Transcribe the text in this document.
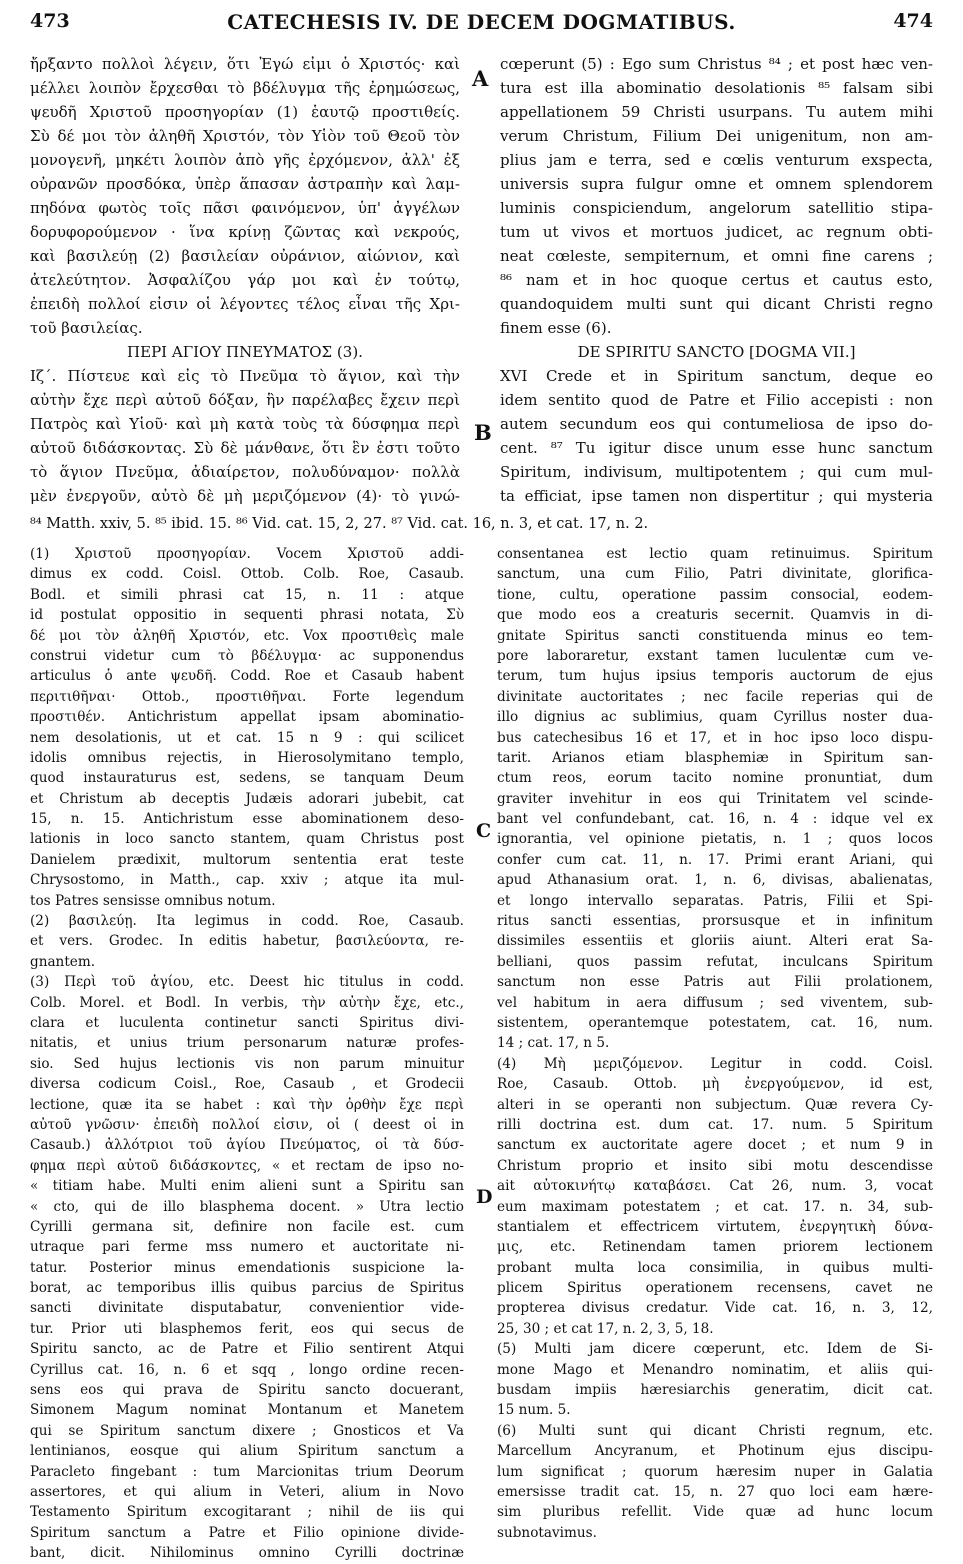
473	CATECHESIS IV. DE DECEM DOGMATIBUS.	474
ἤρξαντο πολλοὶ λέγειν, ὅτι Ἐγώ εἰμι ὁ Χριστός· καὶ
μέλλει λοιπὸν ἔρχεσθαι τὸ βδέλυγμα τῆς ἐρημώσεως,
ψευδῆ Χριστοῦ προσηγορίαν (1) ἑαυτῷ προστιθείς.
Σὺ δέ μοι τὸν ἀληθῆ Χριστόν, τὸν Υἱὸν τοῦ Θεοῦ τὸν
μονογενῆ, μηκέτι λοιπὸν ἀπὸ γῆς ἐρχόμενον, ἀλλ' ἐξ
οὐρανῶν προσδόκα, ὑπὲρ ἅπασαν ἀστραπὴν καὶ λαμ-
πηδόνα φωτὸς τοῖς πᾶσι φαινόμενον, ὑπ' ἀγγέλων
δορυφορούμενον · ἵνα κρίνῃ ζῶντας καὶ νεκρούς,
καὶ βασιλεύῃ (2) βασιλείαν οὐράνιον, αἰώνιον, καὶ
ἀτελεύτητον. Ἀσφαλίζου γάρ μοι καὶ ἐν τούτῳ,
ἐπειδὴ πολλοί εἰσιν οἱ λέγοντες τέλος εἶναι τῆς Χρι-
τοῦ βασιλείας.
ΠΕΡΙ ΑΓΙΟΥ ΠΝΕΥΜΑΤΟΣ (3).
Ιζ΄. Πίστευε καὶ εἰς τὸ Πνεῦμα τὸ ἅγιον, καὶ τὴν
αὐτὴν ἔχε περὶ αὐτοῦ δόξαν, ἣν παρέλαβες ἔχειν περὶ
Πατρὸς καὶ Υἱοῦ· καὶ μὴ κατὰ τοὺς τὰ δύσφημα περὶ
αὐτοῦ διδάσκοντας. Σὺ δὲ μάνθανε, ὅτι ἓν ἐστι τοῦτο
τὸ ἅγιον Πνεῦμα, ἀδιαίρετον, πολυδύναμον· πολλὰ
μὲν ἐνεργοῦν, αὐτὸ δὲ μὴ μεριζόμενον (4)· τὸ γινώ-
A
B
cœperunt (5) : Ego sum Christus ⁸⁴ ; et post hæc ven-
tura est illa abominatio desolationis ⁸⁵ falsam sibi
appellationem 59 Christi usurpans. Tu autem mihi
verum Christum, Filium Dei unigenitum, non am-
plius jam e terra, sed e cœlis venturum exspecta,
universis supra fulgur omne et omnem splendorem
luminis conspiciendum, angelorum satellitio stipa-
tum ut vivos et mortuos judicet, ac regnum obti-
neat cœleste, sempiternum, et omni fine carens ;
⁸⁶ nam et in hoc quoque certus et cautus esto,
quandoquidem multi sunt qui dicant Christi regno
finem esse (6).
DE SPIRITU SANCTO [DOGMA VII.]
XVI Crede et in Spiritum sanctum, deque eo
idem sentito quod de Patre et Filio accepisti : non
autem secundum eos qui contumeliosa de ipso do-
cent. ⁸⁷ Tu igitur disce unum esse hunc sanctum
Spiritum, indivisum, multipotentem ; qui cum mul-
ta efficiat, ipse tamen non dispertitur ; qui mysteria
⁸⁴ Matth. xxiv, 5. ⁸⁵ ibid. 15. ⁸⁶ Vid. cat. 15, 2, 27. ⁸⁷ Vid. cat. 16, n. 3, et cat. 17, n. 2.
(1) Χριστοῦ προσηγορίαν. Vocem Χριστοῦ addi-
dimus ex codd. Coisl. Ottob. Colb. Roe, Casaub.
Bodl. et simili phrasi cat 15, n. 11 : atque
id postulat oppositio in sequenti phrasi notata, Σὺ
δέ μοι τὸν ἀληθῆ Χριστόν, etc. Vox προστιθεὶς male
construi videtur cum τὸ βδέλυγμα· ac supponendus
articulus ὁ ante ψευδῆ. Codd. Roe et Casaub habent
περιτιθῆναι· Ottob., προστιθῆναι. Forte legendum
προστιθέν. Antichristum appellat ipsam abominatio-
nem desolationis, ut et cat. 15 n 9 : qui scilicet
idolis omnibus rejectis, in Hierosolymitano templo,
quod instauraturus est, sedens, se tanquam Deum
et Christum ab deceptis Judæis adorari jubebit, cat
15, n. 15. Antichristum esse abominationem deso-
lationis in loco sancto stantem, quam Christus post
Danielem prædixit, multorum sententia erat teste
Chrysostomo, in Matth., cap. xxiv ; atque ita mul-
tos Patres sensisse omnibus notum.
(2) βασιλεύῃ. Ita legimus in codd. Roe, Casaub.
et vers. Grodec. In editis habetur, βασιλεύοντα, re-
gnantem.
(3) Περὶ τοῦ ἁγίου, etc. Deest hic titulus in codd.
Colb. Morel. et Bodl. In verbis, τὴν αὐτὴν ἔχε, etc.,
clara et luculenta continetur sancti Spiritus divi-
nitatis, et unius trium personarum naturæ profes-
sio. Sed hujus lectionis vis non parum minuitur
diversa codicum Coisl., Roe, Casaub , et Grodecii
lectione, quæ ita se habet : καὶ τὴν ὀρθὴν ἔχε περὶ
αὐτοῦ γνῶσιν· ἐπειδὴ πολλοί εἰσιν, οἱ ( deest οἱ in
Casaub.) ἀλλότριοι τοῦ ἁγίου Πνεύματος, οἱ τὰ δύσ-
φημα περὶ αὐτοῦ διδάσκοντες, « et rectam de ipso no-
« titiam habe. Multi enim alieni sunt a Spiritu san
« cto, qui de illo blasphema docent. » Utra lectio
Cyrilli germana sit, definire non facile est. cum
utraque pari ferme mss numero et auctoritate ni-
tatur. Posterior minus emendationis suspicione la-
borat, ac temporibus illis quibus parcius de Spiritus
sancti divinitate disputabatur, convenientior vide-
tur. Prior uti blasphemos ferit, eos qui secus de
Spiritu sancto, ac de Patre et Filio sentirent Atqui
Cyrillus cat. 16, n. 6 et sqq , longo ordine recen-
sens eos qui prava de Spiritu sancto docuerant,
Simonem Magum nominat Montanum et Manetem
qui se Spiritum sanctum dixere ; Gnosticos et Va
lentinianos, eosque qui alium Spiritum sanctum a
Paracleto fingebant : tum Marcionitas trium Deorum
assertores, et qui alium in Veteri, alium in Novo
Testamento Spiritum excogitarant ; nihil de iis qui
Spiritum sanctum a Patre et Filio opinione divide-
bant, dicit. Nihilominus omnino Cyrilli doctrinæ
C
D
consentanea est lectio quam retinuimus. Spiritum
sanctum, una cum Filio, Patri divinitate, glorifica-
tione, cultu, operatione passim consocial, eodem-
que modo eos a creaturis secernit. Quamvis in di-
gnitate Spiritus sancti constituenda minus eo tem-
pore laboraretur, exstant tamen luculentæ cum ve-
terum, tum hujus ipsius temporis auctorum de ejus
divinitate auctoritates ; nec facile reperias qui de
illo dignius ac sublimius, quam Cyrillus noster dua-
bus catechesibus 16 et 17, et in hoc ipso loco dispu-
tarit. Arianos etiam blasphemiæ in Spiritum san-
ctum reos, eorum tacito nomine pronuntiat, dum
graviter invehitur in eos qui Trinitatem vel scinde-
bant vel confundebant, cat. 16, n. 4 : idque vel ex
ignorantia, vel opinione pietatis, n. 1 ; quos locos
confer cum cat. 11, n. 17. Primi erant Ariani, qui
apud Athanasium orat. 1, n. 6, divisas, abalienatas,
et longo intervallo separatas. Patris, Filii et Spi-
ritus sancti essentias, prorsusque et in infinitum
dissimiles essentiis et gloriis aiunt. Alteri erat Sa-
belliani, quos passim refutat, inculcans Spiritum
sanctum non esse Patris aut Filii prolationem,
vel habitum in aera diffusum ; sed viventem, sub-
sistentem, operantemque potestatem, cat. 16, num.
14 ; cat. 17, n 5.
(4) Μὴ μεριζόμενον. Legitur in codd. Coisl.
Roe, Casaub. Ottob. μὴ ἐνεργούμενον, id est,
alteri in se operanti non subjectum. Quæ revera Cy-
rilli doctrina est. dum cat. 17. num. 5 Spiritum
sanctum ex auctoritate agere docet ; et num 9 in
Christum proprio et insito sibi motu descendisse
ait αὐτοκινήτῳ καταβάσει. Cat 26, num. 3, vocat
eum maximam potestatem ; et cat. 17. n. 34, sub-
stantialem et effectricem virtutem, ἐνεργητικὴ δύνα-
μις, etc. Retinendam tamen priorem lectionem
probant multa loca consimilia, in quibus multi-
plicem Spiritus operationem recensens, cavet ne
propterea divisus credatur. Vide cat. 16, n. 3, 12,
25, 30 ; et cat 17, n. 2, 3, 5, 18.
(5) Multi jam dicere cœperunt, etc. Idem de Si-
mone Mago et Menandro nominatim, et aliis qui-
busdam impiis hæresiarchis generatim, dicit cat.
15 num. 5.
(6) Multi sunt qui dicant Christi regnum, etc.
Marcellum Ancyranum, et Photinum ejus discipu-
lum significat ; quorum hæresim nuper in Galatia
emersisse tradit cat. 15, n. 27 quo loci eam hære-
sim pluribus refellit. Vide quæ ad hunc locum
subnotavimus.
